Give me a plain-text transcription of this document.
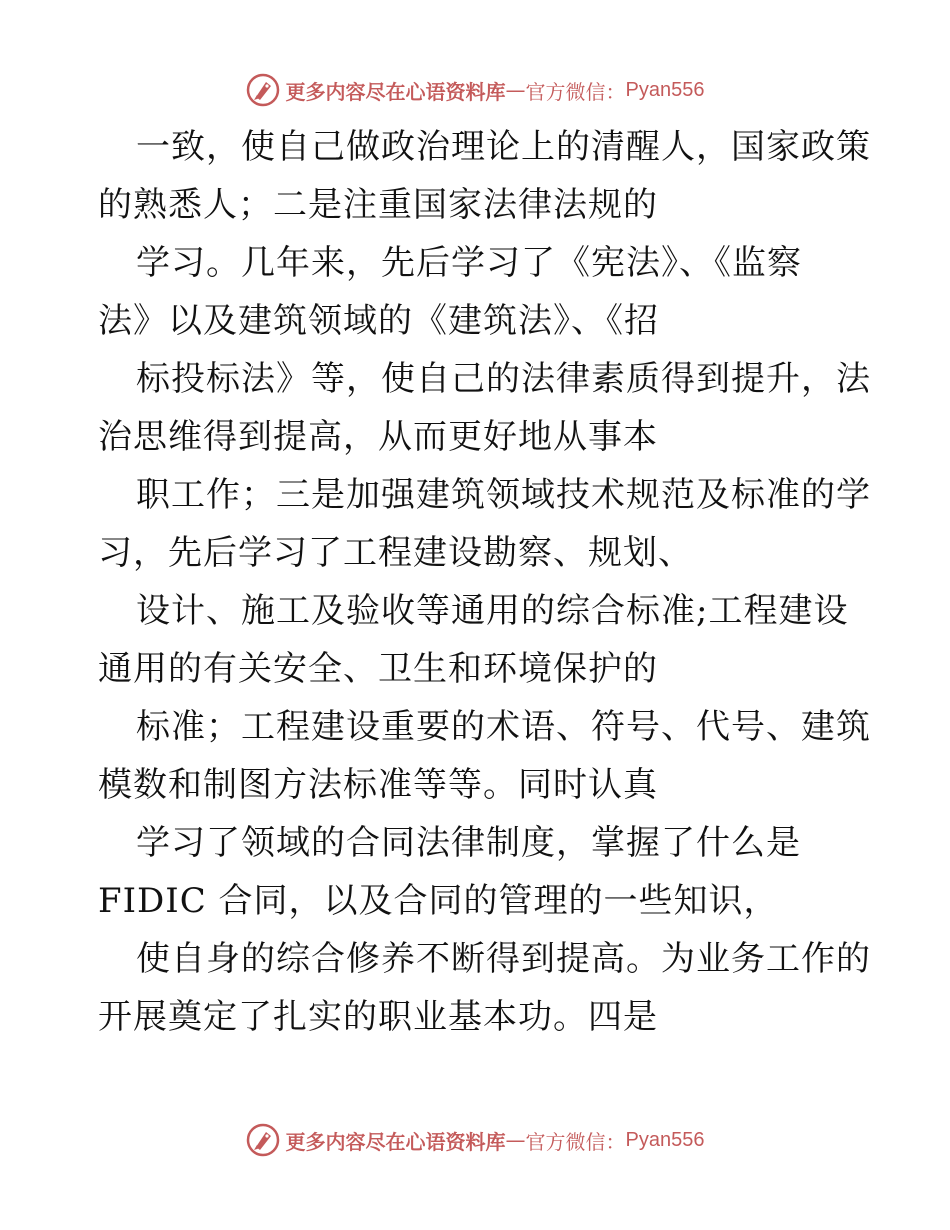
更多内容尽在心语资料库 — 官方微信： Pyan556
一致，使自己做政治理论上的清醒人，国家政策
的熟悉人；二是注重国家法律法规的
学习。几年来，先后学习了《宪法》、《监察
法》以及建筑领域的《建筑法》、《招
标投标法》等，使自己的法律素质得到提升，法
治思维得到提高，从而更好地从事本
职工作；三是加强建筑领域技术规范及标准的学
习，先后学习了工程建设勘察、规划、
设计、施工及验收等通用的综合标准;工程建设
通用的有关安全、卫生和环境保护的
标准；工程建设重要的术语、符号、代号、建筑
模数和制图方法标准等等。同时认真
学习了领域的合同法律制度，掌握了什么是
FIDIC 合同，以及合同的管理的一些知识，
使自身的综合修养不断得到提高。为业务工作的
开展奠定了扎实的职业基本功。四是
更多内容尽在心语资料库 — 官方微信： Pyan556
